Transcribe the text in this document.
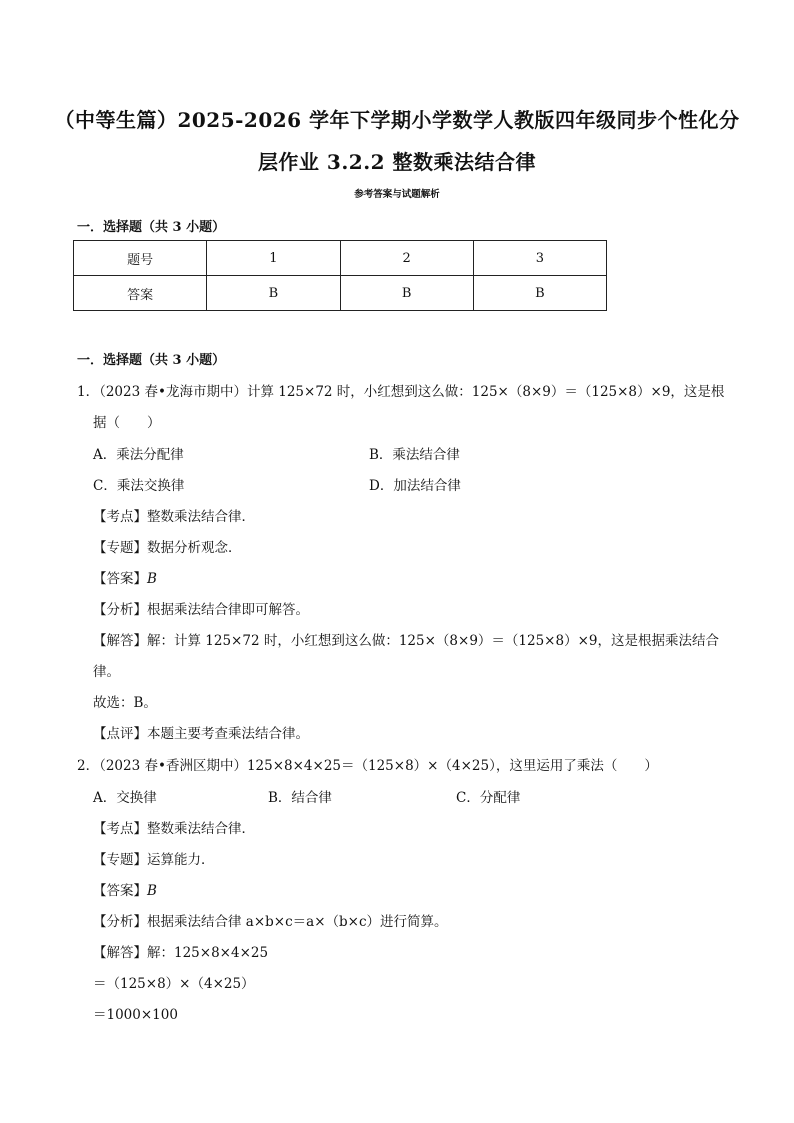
（中等生篇）2025-2026 学年下学期小学数学人教版四年级同步个性化分
层作业 3.2.2 整数乘法结合律
参考答案与试题解析
一．选择题（共 3 小题）
题号	1	2	3
答案	B	B	B
一．选择题（共 3 小题）
1．（2023 春•龙海市期中）计算 125×72 时，小红想到这么做：125×（8×9）＝（125×8）×9，这是根
据（　　）
A．乘法分配律	B．乘法结合律
C．乘法交换律	D．加法结合律
【考点】整数乘法结合律．
【专题】数据分析观念．
【答案】B
【分析】根据乘法结合律即可解答。
【解答】解：计算 125×72 时，小红想到这么做：125×（8×9）＝（125×8）×9，这是根据乘法结合
律。
故选：B。
【点评】本题主要考查乘法结合律。
2．（2023 春•香洲区期中）125×8×4×25＝（125×8）×（4×25），这里运用了乘法（　　）
A．交换律	B．结合律	C．分配律
【考点】整数乘法结合律．
【专题】运算能力．
【答案】B
【分析】根据乘法结合律 a×b×c＝a×（b×c）进行简算。
【解答】解：125×8×4×25
＝（125×8）×（4×25）
＝1000×100
